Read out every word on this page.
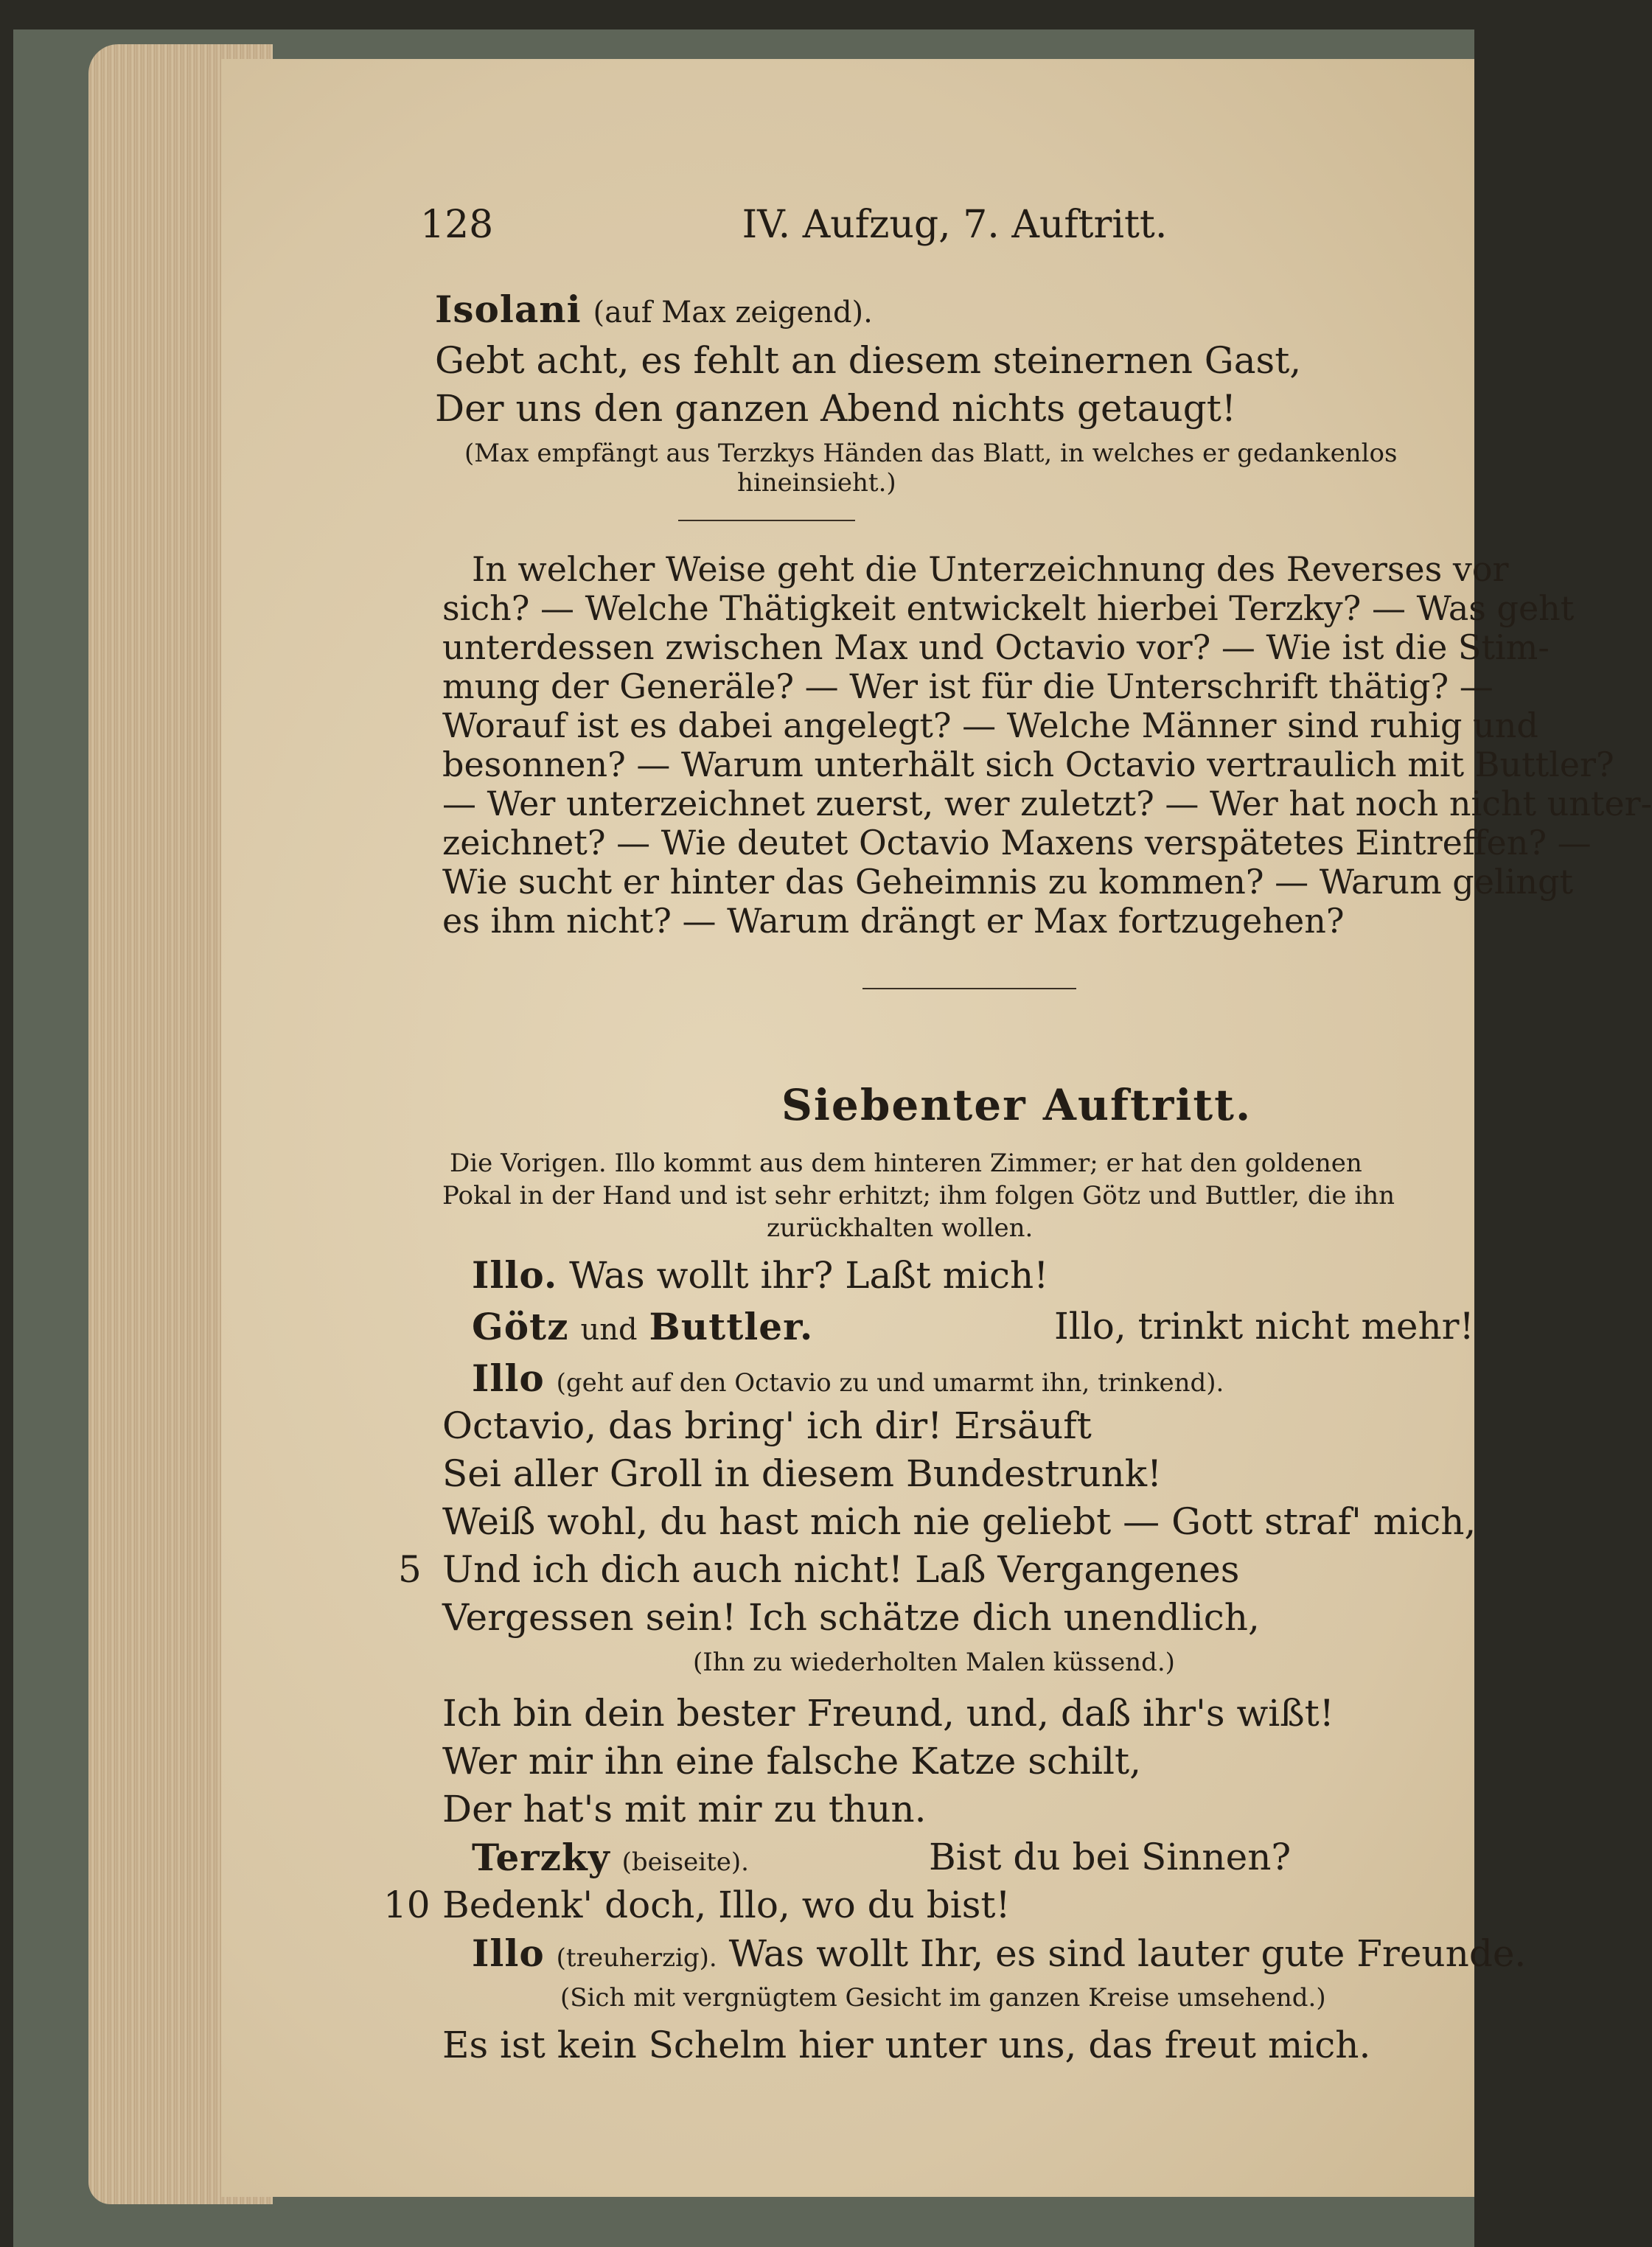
128	IV. Aufzug, 7. Auftritt.
Isolani (auf Max zeigend).
Gebt acht, es fehlt an diesem steinernen Gast,
Der uns den ganzen Abend nichts getaugt!
(Max empfängt aus Terzkys Händen das Blatt, in welches er gedankenlos
hineinsieht.)
In welcher Weise geht die Unterzeichnung des Reverses vor
sich? — Welche Thätigkeit entwickelt hierbei Terzky? — Was geht
unterdessen zwischen Max und Octavio vor? — Wie ist die Stim-
mung der Generäle? — Wer ist für die Unterschrift thätig? —
Worauf ist es dabei angelegt? — Welche Männer sind ruhig und
besonnen? — Warum unterhält sich Octavio vertraulich mit Buttler?
— Wer unterzeichnet zuerst, wer zuletzt? — Wer hat noch nicht unter-
zeichnet? — Wie deutet Octavio Maxens verspätetes Eintreffen? —
Wie sucht er hinter das Geheimnis zu kommen? — Warum gelingt
es ihm nicht? — Warum drängt er Max fortzugehen?
Siebenter Auftritt.
Die Vorigen. Illo kommt aus dem hinteren Zimmer; er hat den goldenen
Pokal in der Hand und ist sehr erhitzt; ihm folgen Götz und Buttler, die ihn
zurückhalten wollen.
Illo. Was wollt ihr? Laßt mich!
Götz und Buttler.	Illo, trinkt nicht mehr!
Illo (geht auf den Octavio zu und umarmt ihn, trinkend).
Octavio, das bring' ich dir! Ersäuft
Sei aller Groll in diesem Bundestrunk!
Weiß wohl, du hast mich nie geliebt — Gott straf' mich,
5 Und ich dich auch nicht! Laß Vergangenes
Vergessen sein! Ich schätze dich unendlich,
(Ihn zu wiederholten Malen küssend.)
Ich bin dein bester Freund, und, daß ihr's wißt!
Wer mir ihn eine falsche Katze schilt,
Der hat's mit mir zu thun.
Terzky (beiseite).	Bist du bei Sinnen?
10 Bedenk' doch, Illo, wo du bist!
Illo (treuherzig). Was wollt Ihr, es sind lauter gute Freunde.
(Sich mit vergnügtem Gesicht im ganzen Kreise umsehend.)
Es ist kein Schelm hier unter uns, das freut mich.
